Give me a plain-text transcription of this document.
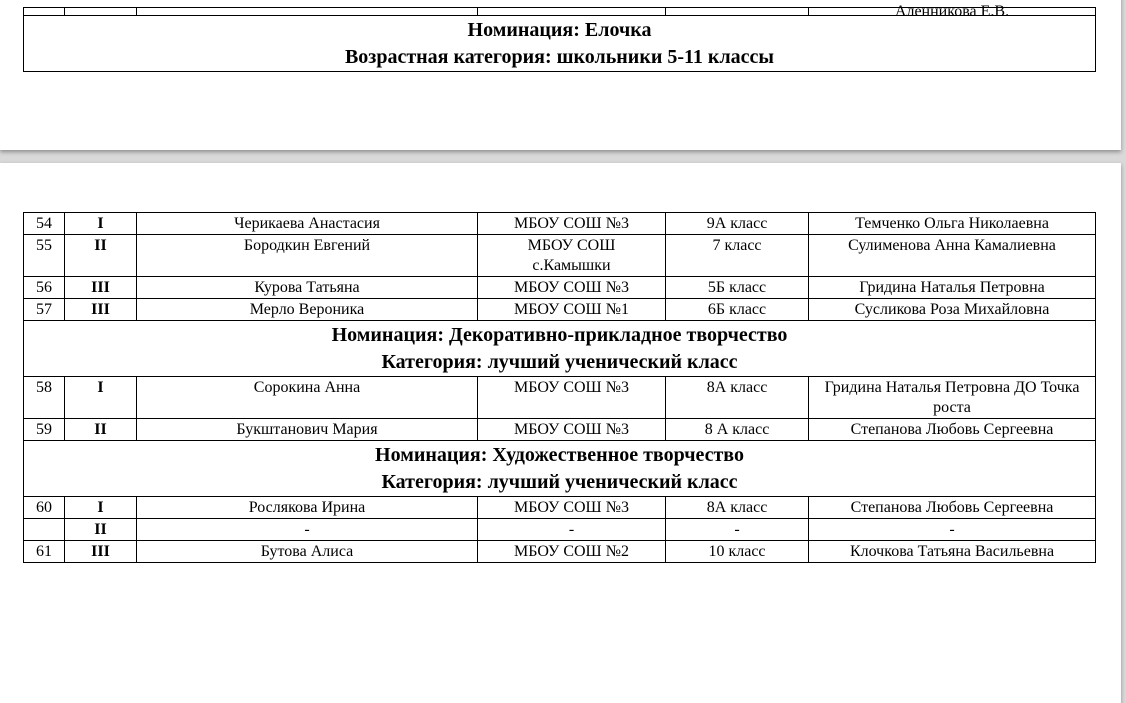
Аленникова Е.В.

Номинация: Елочка
Возрастная категория: школьники 5-11 классы
54	I	Черикаева Анастасия	МБОУ СОШ №3	9А класс	Темченко Ольга Николаевна
55	II	Бородкин Евгений	МБОУ СОШ с.Камышки	7 класс	Сулименова Анна Камалиевна
56	III	Курова Татьяна	МБОУ СОШ №3	5Б класс	Гридина Наталья Петровна
57	III	Мерло Вероника	МБОУ СОШ №1	6Б класс	Сусликова Роза Михайловна

Номинация: Декоративно-прикладное творчество
Категория: лучший ученический класс					

58	I	Сорокина Анна	МБОУ СОШ №3	8А класс	Гридина Наталья Петровна ДО Точка роста
59	II	Букштанович Мария	МБОУ СОШ №3	8 А класс	Степанова Любовь Сергеевна

Номинация: Художественное творчество
Категория: лучший ученический класс					

60	I	Рослякова Ирина	МБОУ СОШ №3	8А класс	Степанова Любовь Сергеевна
	II	-	-	-	-
61	III	Бутова Алиса	МБОУ СОШ №2	10 класс	Клочкова Татьяна Васильевна
